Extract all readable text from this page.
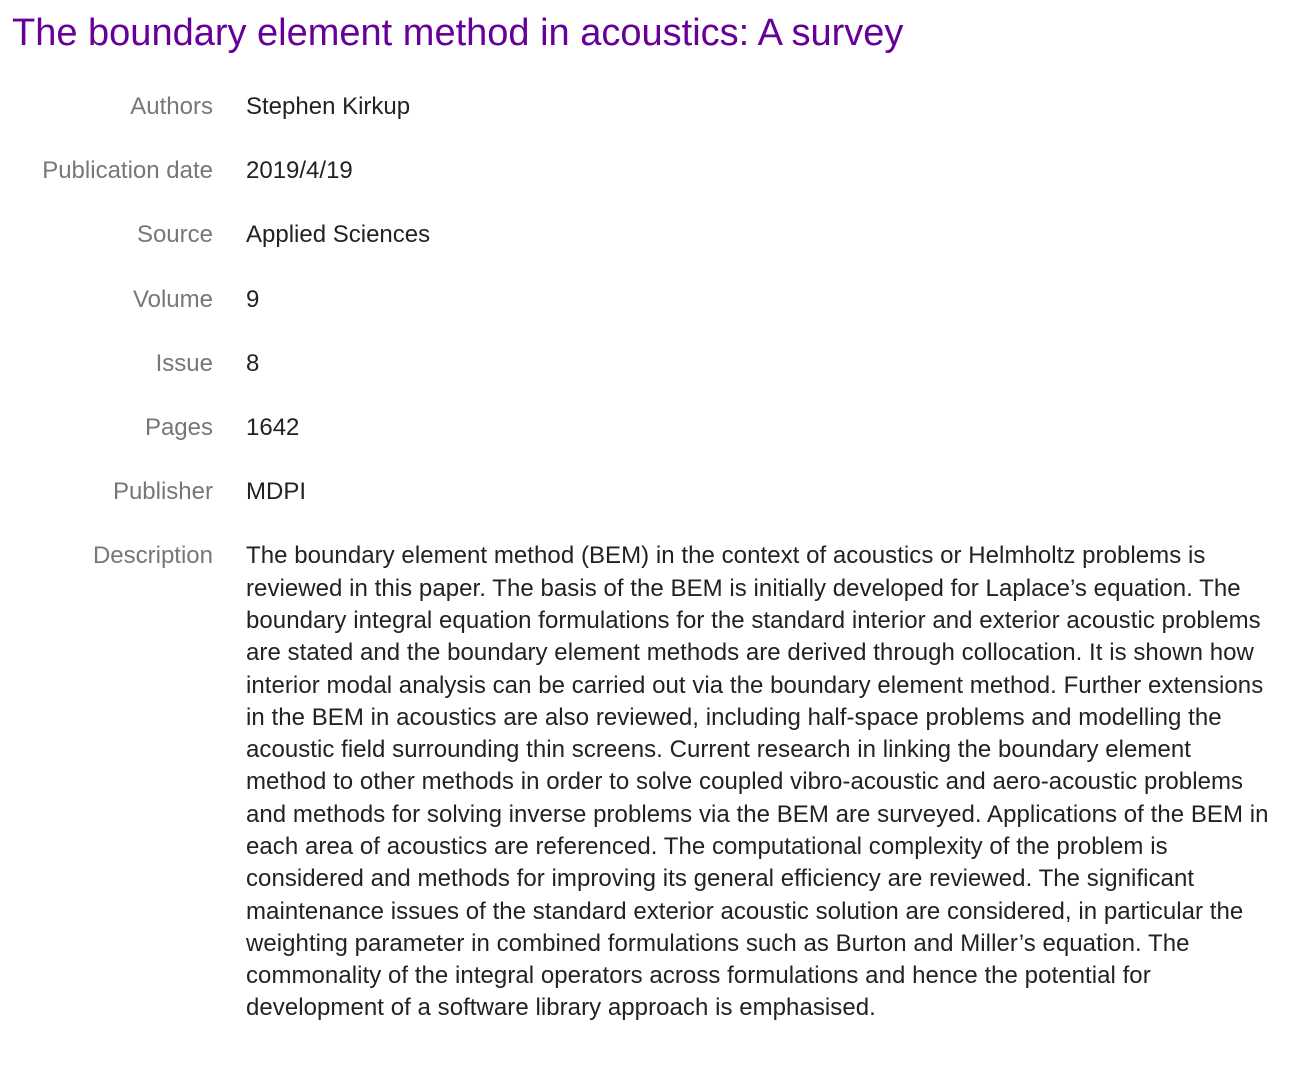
The boundary element method in acoustics: A survey
Authors Stephen Kirkup
Publication date 2019/4/19
Source Applied Sciences
Volume 9
Issue 8
Pages 1642
Publisher MDPI
Description The boundary element method (BEM) in the context of acoustics or Helmholtz problems is reviewed in this paper. The basis of the BEM is initially developed for Laplace’s equation. The boundary integral equation formulations for the standard interior and exterior acoustic problems are stated and the boundary element methods are derived through collocation. It is shown how interior modal analysis can be carried out via the boundary element method. Further extensions in the BEM in acoustics are also reviewed, including half-space problems and modelling the acoustic field surrounding thin screens. Current research in linking the boundary element method to other methods in order to solve coupled vibro-acoustic and aero-acoustic problems and methods for solving inverse problems via the BEM are surveyed. Applications of the BEM in each area of acoustics are referenced. The computational complexity of the problem is considered and methods for improving its general efficiency are reviewed. The significant maintenance issues of the standard exterior acoustic solution are considered, in particular the weighting parameter in combined formulations such as Burton and Miller’s equation. The commonality of the integral operators across formulations and hence the potential for development of a software library approach is emphasised.
